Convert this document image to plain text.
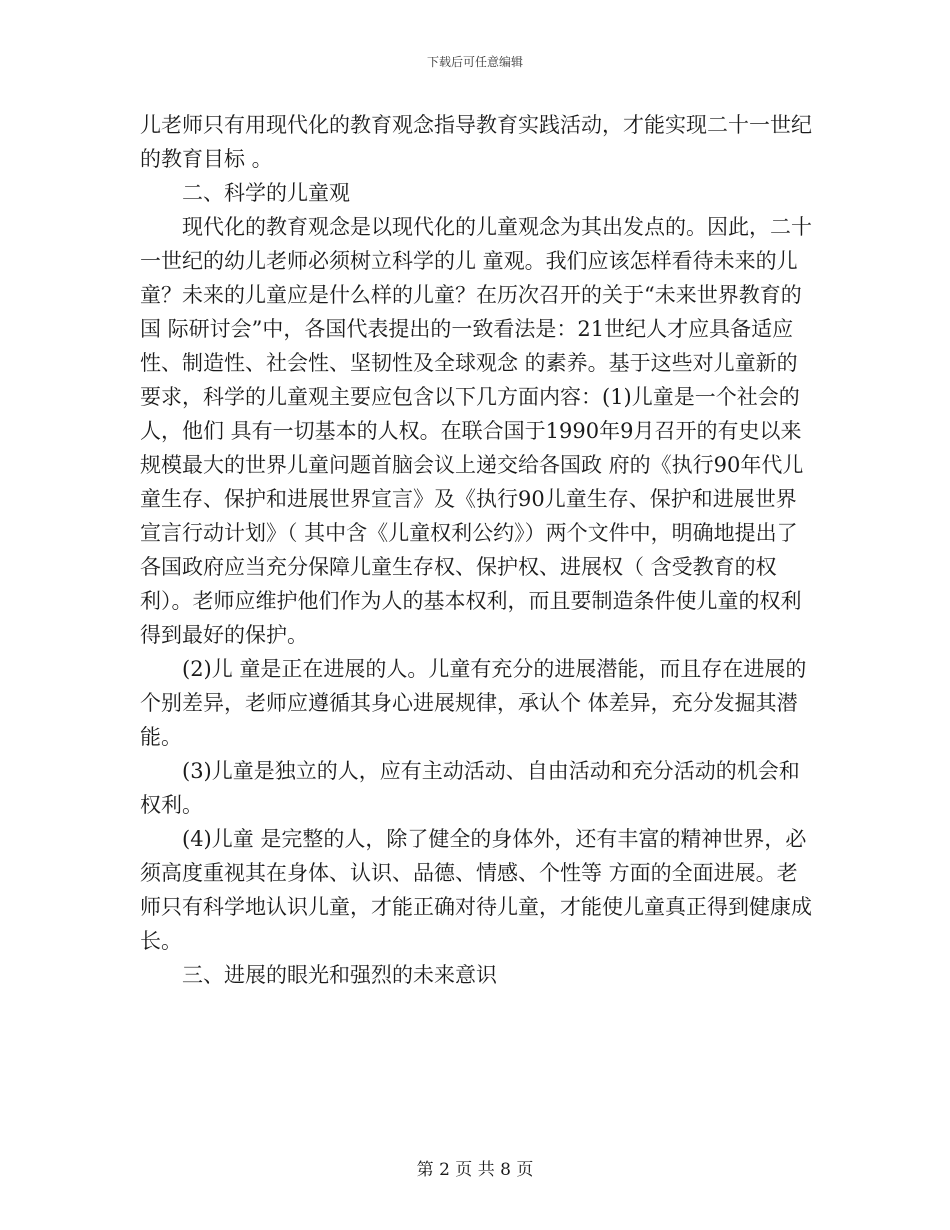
下载后可任意编辑

儿老师只有用现代化的教育观念指导教育实践活动，才能实现二十一世纪的教育目标 。

二、科学的儿童观

现代化的教育观念是以现代化的儿童观念为其出发点的。因此，二十一世纪的幼儿老师必须树立科学的儿 童观。我们应该怎样看待未来的儿童？未来的儿童应是什么样的儿童？在历次召开的关于“未来世界教育的国 际研讨会”中，各国代表提出的一致看法是：21世纪人才应具备适应性、制造性、社会性、坚韧性及全球观念 的素养。基于这些对儿童新的要求，科学的儿童观主要应包含以下几方面内容：(1)儿童是一个社会的人，他们 具有一切基本的人权。在联合国于1990年9月召开的有史以来规模最大的世界儿童问题首脑会议上递交给各国政 府的《执行90年代儿童生存、保护和进展世界宣言》及《执行90儿童生存、保护和进展世界宣言行动计划》（ 其中含《儿童权利公约》）两个文件中，明确地提出了各国政府应当充分保障儿童生存权、保护权、进展权（ 含受教育的权利）。老师应维护他们作为人的基本权利，而且要制造条件使儿童的权利得到最好的保护。

(2)儿 童是正在进展的人。儿童有充分的进展潜能，而且存在进展的个别差异，老师应遵循其身心进展规律，承认个 体差异，充分发掘其潜能。

(3)儿童是独立的人，应有主动活动、自由活动和充分活动的机会和权利。

(4)儿童 是完整的人，除了健全的身体外，还有丰富的精神世界，必须高度重视其在身体、认识、品德、情感、个性等 方面的全面进展。老师只有科学地认识儿童，才能正确对待儿童，才能使儿童真正得到健康成长。

三、进展的眼光和强烈的未来意识

第 2 页 共 8 页
